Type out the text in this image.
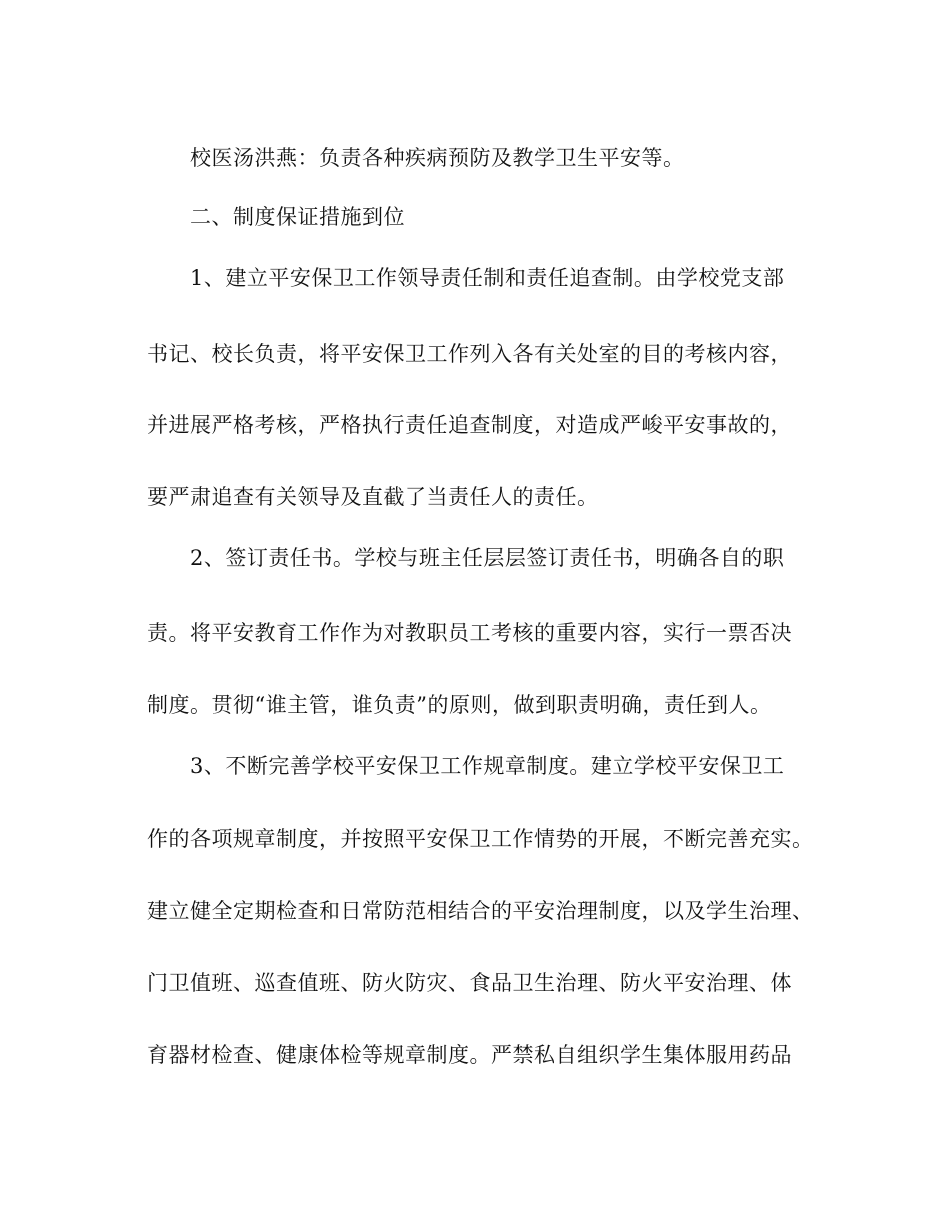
校医汤洪燕：负责各种疾病预防及教学卫生平安等。
二、制度保证措施到位
1、建立平安保卫工作领导责任制和责任追查制。由学校党支部
书记、校长负责，将平安保卫工作列入各有关处室的目的考核内容，
并进展严格考核，严格执行责任追查制度，对造成严峻平安事故的，
要严肃追查有关领导及直截了当责任人的责任。
2、签订责任书。学校与班主任层层签订责任书，明确各自的职
责。将平安教育工作作为对教职员工考核的重要内容，实行一票否决
制度。贯彻“谁主管，谁负责”的原则，做到职责明确，责任到人。
3、不断完善学校平安保卫工作规章制度。建立学校平安保卫工
作的各项规章制度，并按照平安保卫工作情势的开展，不断完善充实。
建立健全定期检查和日常防范相结合的平安治理制度，以及学生治理、
门卫值班、巡查值班、防火防灾、食品卫生治理、防火平安治理、体
育器材检查、健康体检等规章制度。严禁私自组织学生集体服用药品
